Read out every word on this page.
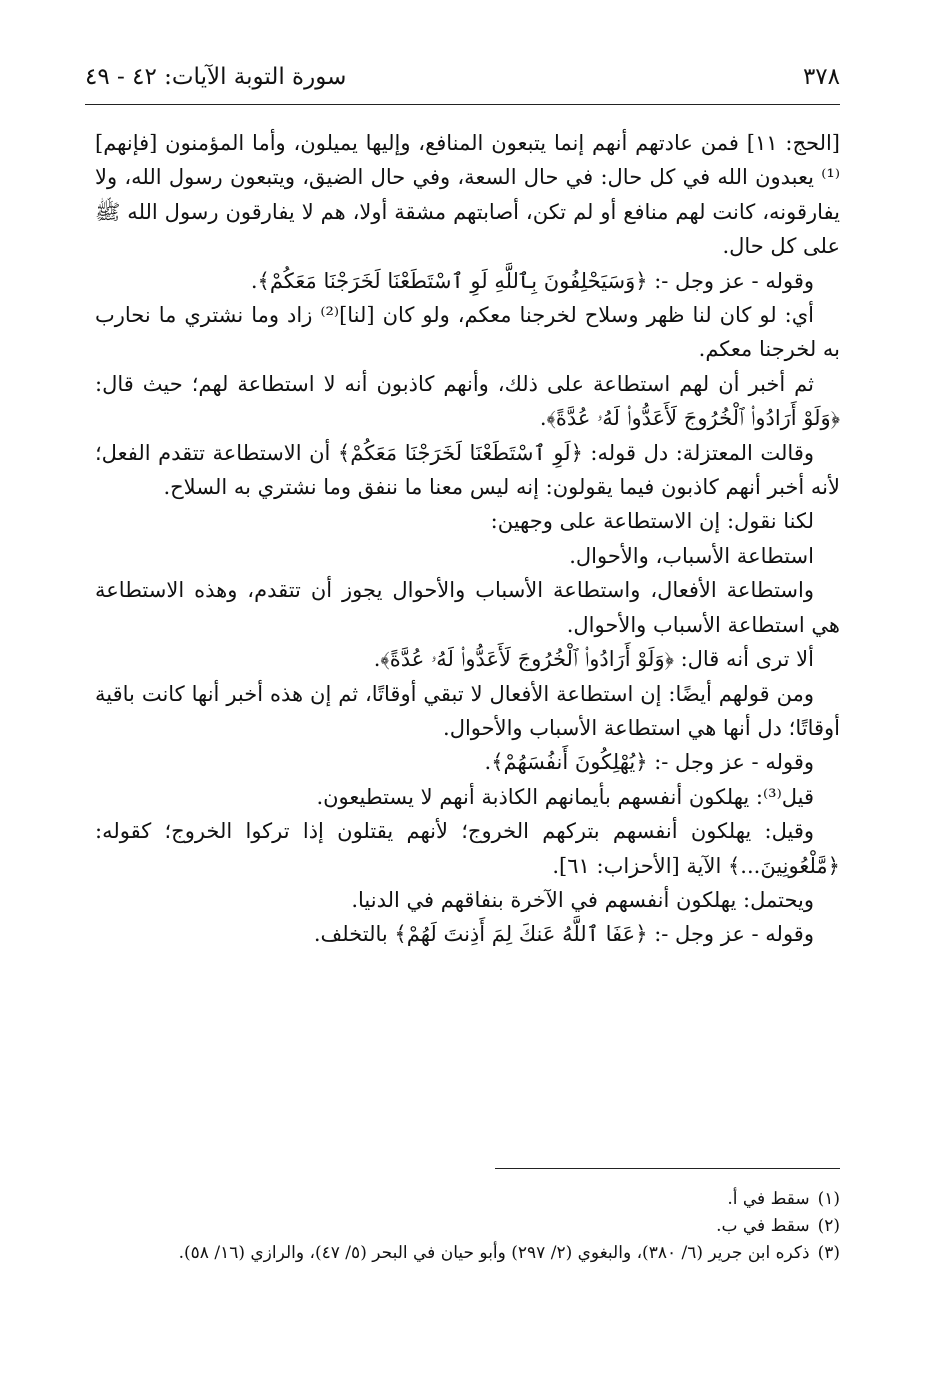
٣٧٨
سورة التوبة الآيات: ٤٢ - ٤٩

[الحج: ١١] فمن عادتهم أنهم إنما يتبعون المنافع، وإليها يميلون، وأما المؤمنون [فإنهم]⁽¹⁾ يعبدون الله في كل حال: في حال السعة، وفي حال الضيق، ويتبعون رسول الله، ولا يفارقونه، كانت لهم منافع أو لم تكن، أصابتهم مشقة أولا، هم لا يفارقون رسول الله ﷺ على كل حال.

وقوله - عز وجل -: ﴿وَسَيَحْلِفُونَ بِٱللَّهِ لَوِ ٱسْتَطَعْنَا لَخَرَجْنَا مَعَكُمْ﴾.

أي: لو كان لنا ظهر وسلاح لخرجنا معكم، ولو كان [لنا]⁽²⁾ زاد وما نشتري ما نحارب به لخرجنا معكم.

ثم أخبر أن لهم استطاعة على ذلك، وأنهم كاذبون أنه لا استطاعة لهم؛ حيث قال: ﴿وَلَوْ أَرَادُوا۟ ٱلْخُرُوجَ لَأَعَدُّوا۟ لَهُۥ عُدَّةً﴾.

وقالت المعتزلة: دل قوله: ﴿لَوِ ٱسْتَطَعْنَا لَخَرَجْنَا مَعَكُمْ﴾ أن الاستطاعة تتقدم الفعل؛ لأنه أخبر أنهم كاذبون فيما يقولون: إنه ليس معنا ما ننفق وما نشتري به السلاح.

لكنا نقول: إن الاستطاعة على وجهين:

استطاعة الأسباب، والأحوال.

واستطاعة الأفعال، واستطاعة الأسباب والأحوال يجوز أن تتقدم، وهذه الاستطاعة هي استطاعة الأسباب والأحوال.

ألا ترى أنه قال: ﴿وَلَوْ أَرَادُوا۟ ٱلْخُرُوجَ لَأَعَدُّوا۟ لَهُۥ عُدَّةً﴾.

ومن قولهم أيضًا: إن استطاعة الأفعال لا تبقي أوقاتًا، ثم إن هذه أخبر أنها كانت باقية أوقاتًا؛ دل أنها هي استطاعة الأسباب والأحوال.

وقوله - عز وجل -: ﴿يُهْلِكُونَ أَنفُسَهُمْ﴾.

قيل⁽³⁾: يهلكون أنفسهم بأيمانهم الكاذبة أنهم لا يستطيعون.

وقيل: يهلكون أنفسهم بتركهم الخروج؛ لأنهم يقتلون إذا تركوا الخروج؛ كقوله: ﴿مَّلْعُونِينَ...﴾ الآية [الأحزاب: ٦١].

ويحتمل: يهلكون أنفسهم في الآخرة بنفاقهم في الدنيا.

وقوله - عز وجل -: ﴿عَفَا ٱللَّهُ عَنكَ لِمَ أَذِنتَ لَهُمْ﴾ بالتخلف.

(١)سقط في أ.

(٢)سقط في ب.

(٣)ذكره ابن جرير (٦/ ٣٨٠)، والبغوي (٢/ ٢٩٧) وأبو حيان في البحر (٥/ ٤٧)، والرازي (١٦/ ٥٨).
